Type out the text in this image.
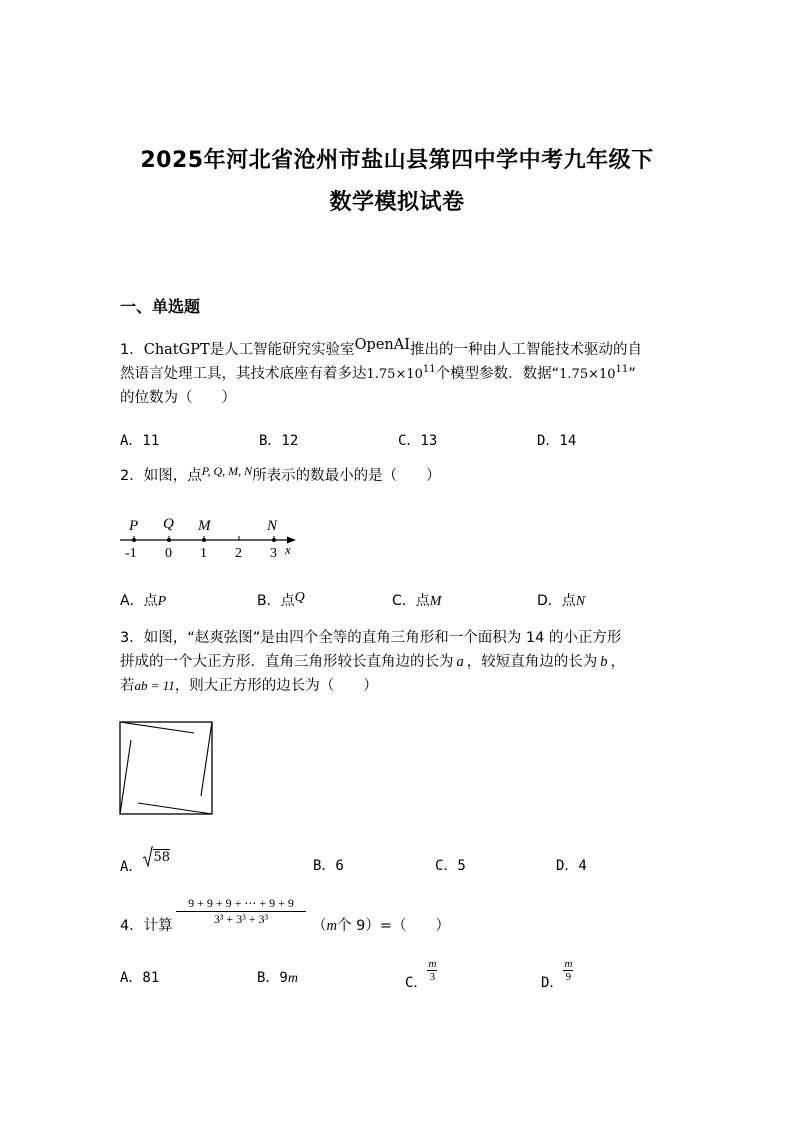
2025年河北省沧州市盐山县第四中学中考九年级下
数学模拟试卷
一、单选题
1．ChatGPT是人工智能研究实验室OpenAI推出的一种由人工智能技术驱动的自
然语言处理工具，其技术底座有着多达$1.75\times 10^{11}$个模型参数．数据“$1.75\times 10^{11}$”
的位数为（　　）
A．11	B．12	C．13	D．14
2．如图，点$^{P, Q, M, N}$所表示的数最小的是（　　）
P Q M	N
x
-1 0 1 2 3
A．点P	B．点Q	C．点M	D．点N
3．如图，“赵爽弦图”是由四个全等的直角三角形和一个面积为 14 的小正方形
拼成的一个大正方形．直角三角形较长直角边的长为 a ，较短直角边的长为 b ，
若ab = 11，则大正方形的边长为（　　）
A．58
B．6	C．5	D．4
4．计算 $\frac{9 + 9 + 9 + \cdots + 9 + 9}{\text{3³ + 3³ + 3³}} (m$个 9）=（　　）
A．81	B．9m	C． $\frac{m}{3}$	D． $\frac{m}{9}$
